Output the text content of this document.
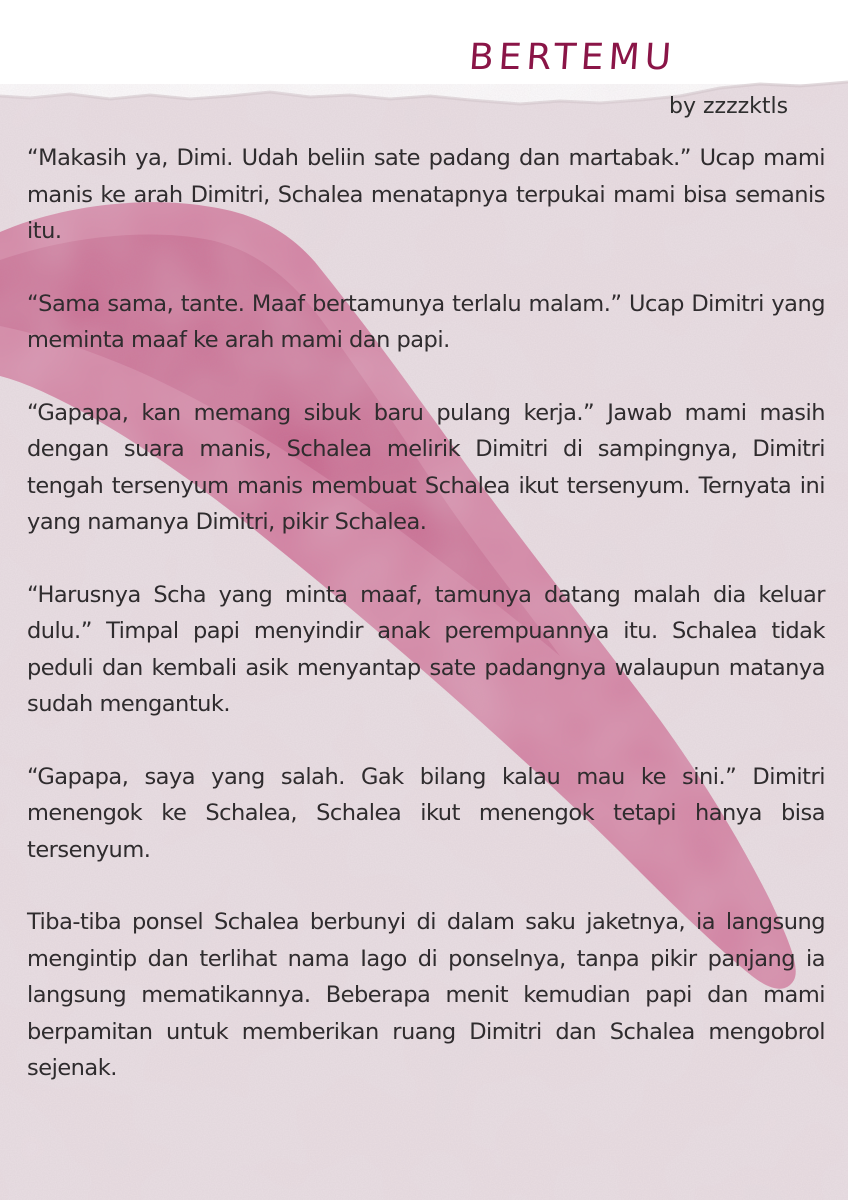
BERTEMU
by zzzzktls

“Makasih ya, Dimi. Udah beliin sate padang dan martabak.” Ucap mami manis ke arah Dimitri, Schalea menatapnya terpukai mami bisa semanis itu.

“Sama sama, tante. Maaf bertamunya terlalu malam.” Ucap Dimitri yang meminta maaf ke arah mami dan papi.

“Gapapa, kan memang sibuk baru pulang kerja.” Jawab mami masih dengan suara manis, Schalea melirik Dimitri di sampingnya, Dimitri tengah tersenyum manis membuat Schalea ikut tersenyum. Ternyata ini yang namanya Dimitri, pikir Schalea.

“Harusnya Scha yang minta maaf, tamunya datang malah dia keluar dulu.” Timpal papi menyindir anak perempuannya itu. Schalea tidak peduli dan kembali asik menyantap sate padangnya walaupun matanya sudah mengantuk.

“Gapapa, saya yang salah. Gak bilang kalau mau ke sini.” Dimitri menengok ke Schalea, Schalea ikut menengok tetapi hanya bisa tersenyum.

Tiba-tiba ponsel Schalea berbunyi di dalam saku jaketnya, ia langsung mengintip dan terlihat nama Iago di ponselnya, tanpa pikir panjang ia langsung mematikannya. Beberapa menit kemudian papi dan mami berpamitan untuk memberikan ruang Dimitri dan Schalea mengobrol sejenak.
